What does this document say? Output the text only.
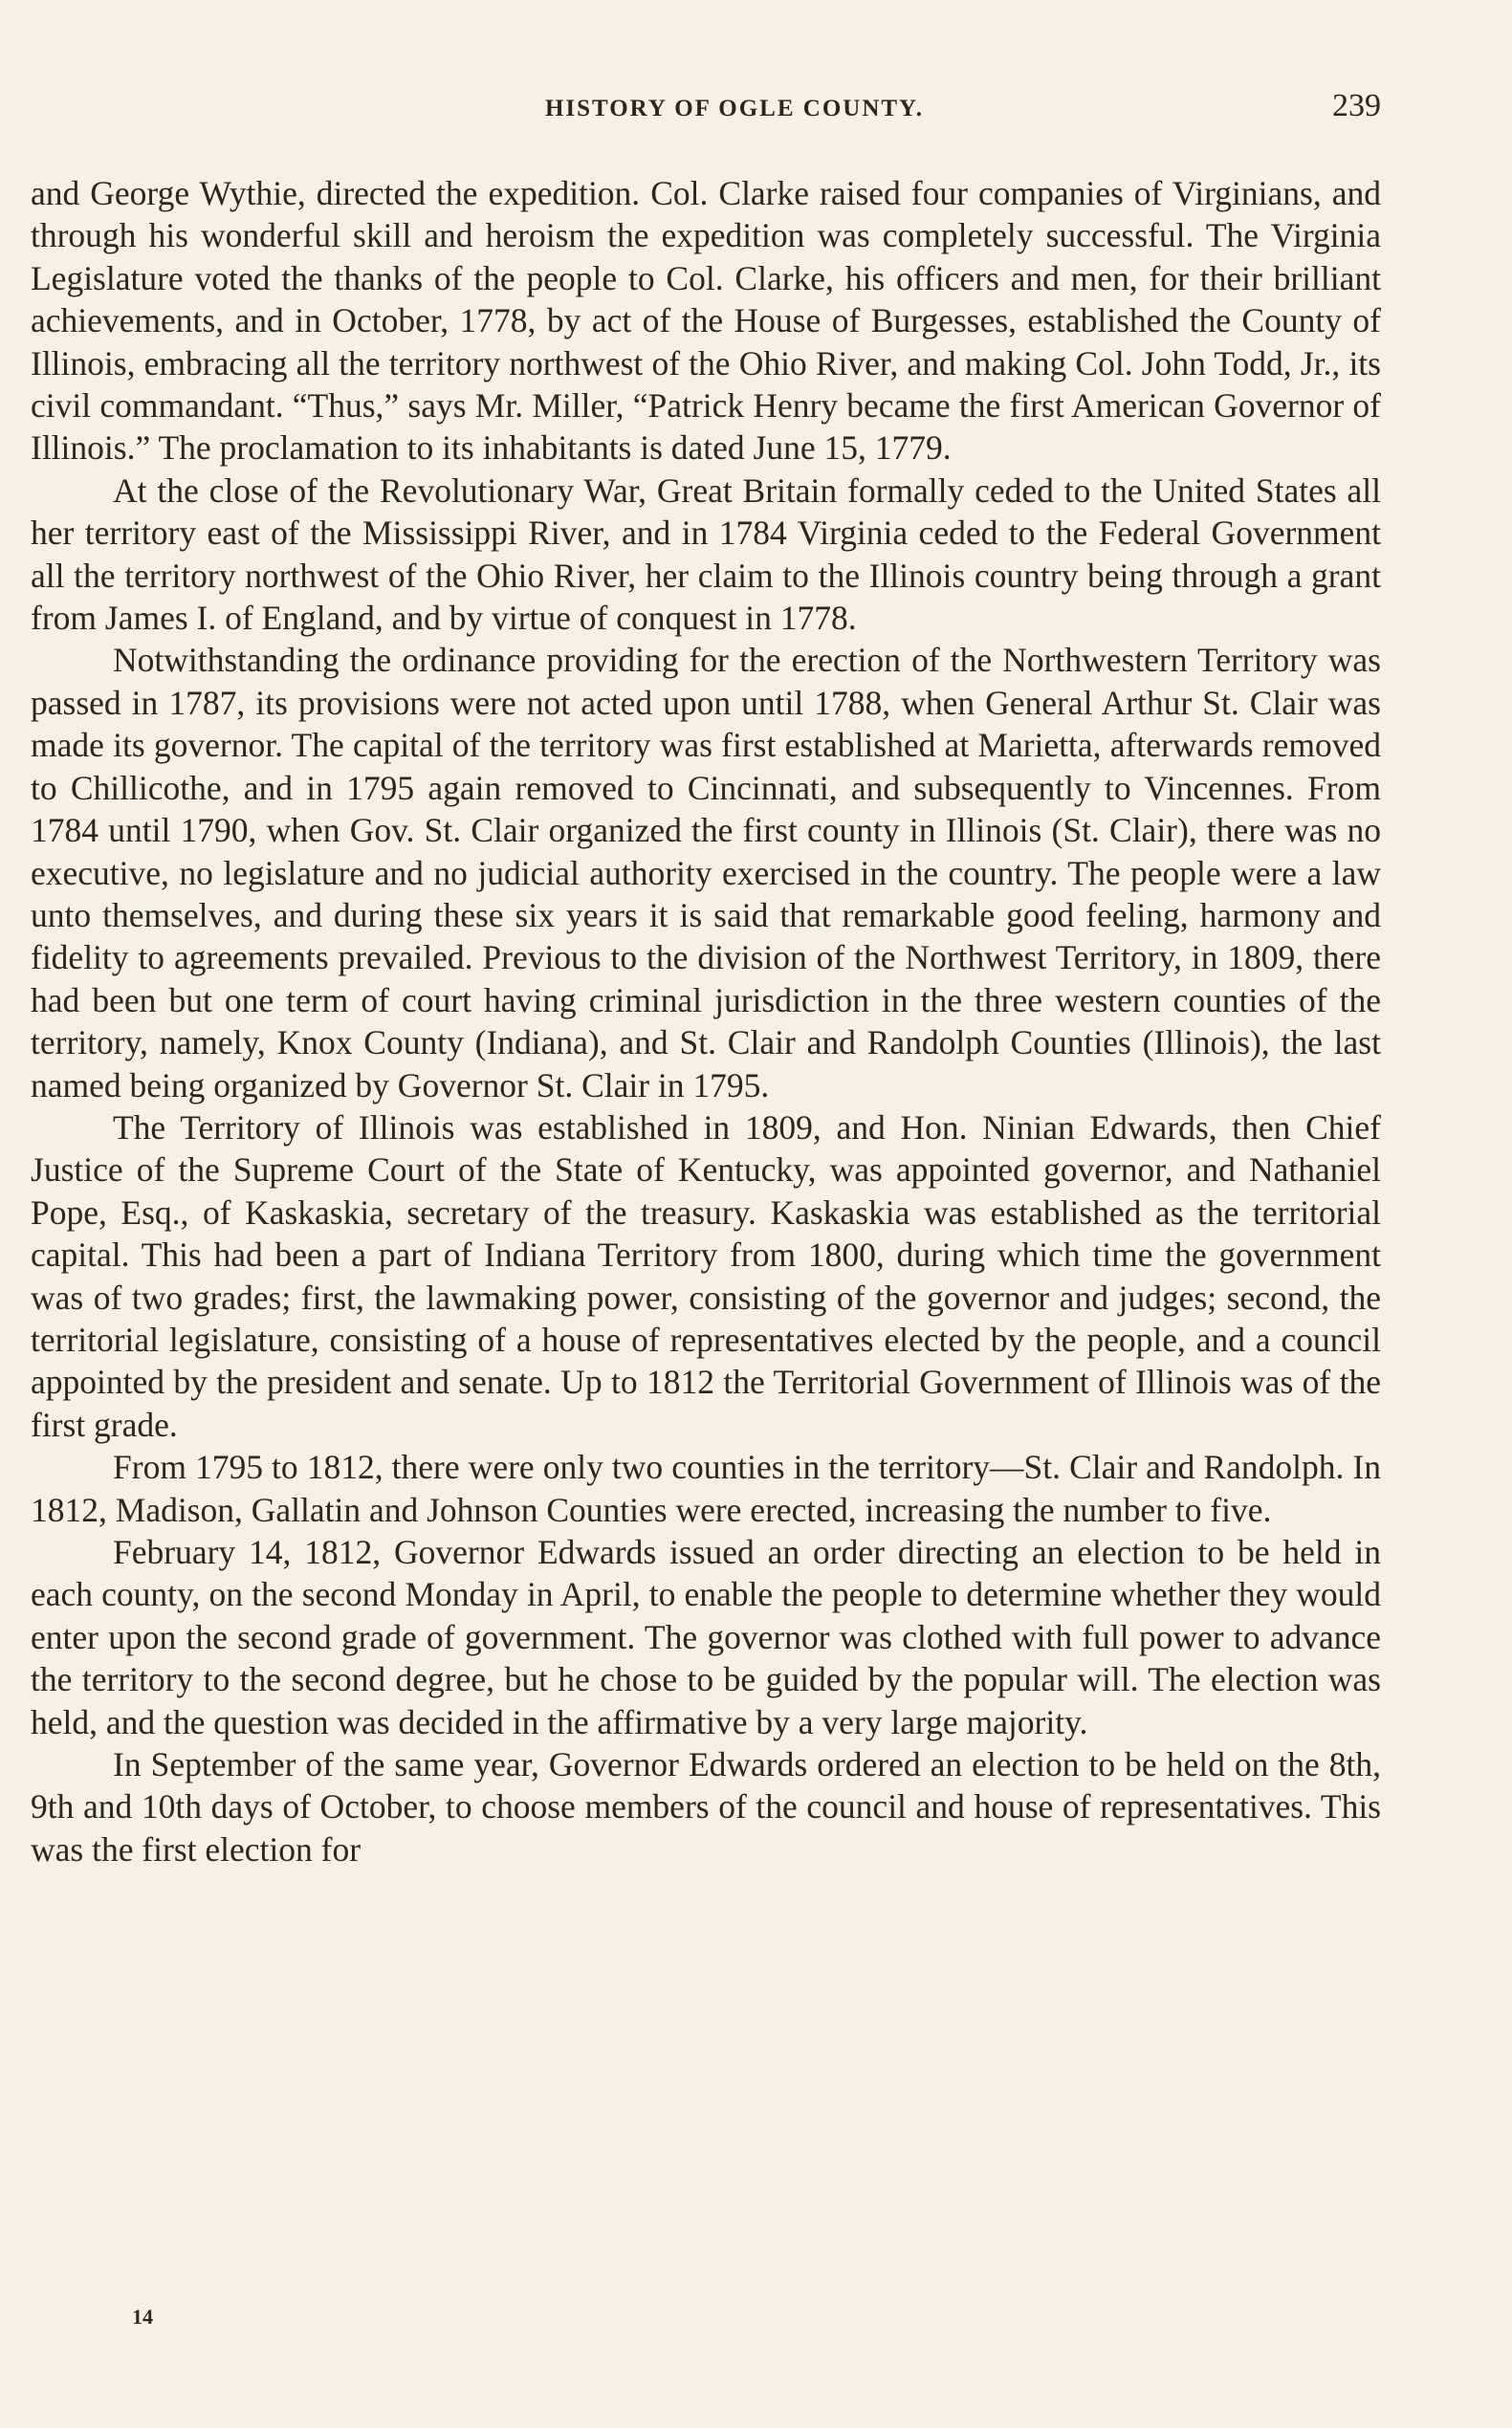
HISTORY OF OGLE COUNTY.	239

and George Wythie, directed the expedition. Col. Clarke raised four companies of Virginians, and through his wonderful skill and heroism the expedition was completely successful. The Virginia Legislature voted the thanks of the people to Col. Clarke, his officers and men, for their brilliant achievements, and in October, 1778, by act of the House of Burgesses, established the County of Illinois, embracing all the territory northwest of the Ohio River, and making Col. John Todd, Jr., its civil commandant. “Thus,” says Mr. Miller, “Patrick Henry became the first American Governor of Illinois.” The proclamation to its inhabitants is dated June 15, 1779.

At the close of the Revolutionary War, Great Britain formally ceded to the United States all her territory east of the Mississippi River, and in 1784 Virginia ceded to the Federal Government all the territory northwest of the Ohio River, her claim to the Illinois country being through a grant from James I. of England, and by virtue of conquest in 1778.

Notwithstanding the ordinance providing for the erection of the Northwestern Territory was passed in 1787, its provisions were not acted upon until 1788, when General Arthur St. Clair was made its governor. The capital of the territory was first established at Marietta, afterwards removed to Chillicothe, and in 1795 again removed to Cincinnati, and subsequently to Vincennes. From 1784 until 1790, when Gov. St. Clair organized the first county in Illinois (St. Clair), there was no executive, no legislature and no judicial authority exercised in the country. The people were a law unto themselves, and during these six years it is said that remarkable good feeling, harmony and fidelity to agreements prevailed. Previous to the division of the Northwest Territory, in 1809, there had been but one term of court having criminal jurisdiction in the three western counties of the territory, namely, Knox County (Indiana), and St. Clair and Randolph Counties (Illinois), the last named being organized by Governor St. Clair in 1795.

The Territory of Illinois was established in 1809, and Hon. Ninian Edwards, then Chief Justice of the Supreme Court of the State of Kentucky, was appointed governor, and Nathaniel Pope, Esq., of Kaskaskia, secretary of the treasury. Kaskaskia was established as the territorial capital. This had been a part of Indiana Territory from 1800, during which time the government was of two grades; first, the lawmaking power, consisting of the governor and judges; second, the territorial legislature, consisting of a house of representatives elected by the people, and a council appointed by the president and senate. Up to 1812 the Territorial Government of Illinois was of the first grade.

From 1795 to 1812, there were only two counties in the territory—St. Clair and Randolph. In 1812, Madison, Gallatin and Johnson Counties were erected, increasing the number to five.

February 14, 1812, Governor Edwards issued an order directing an election to be held in each county, on the second Monday in April, to enable the people to determine whether they would enter upon the second grade of government. The governor was clothed with full power to advance the territory to the second degree, but he chose to be guided by the popular will. The election was held, and the question was decided in the affirmative by a very large majority.

In September of the same year, Governor Edwards ordered an election to be held on the 8th, 9th and 10th days of October, to choose members of the council and house of representatives. This was the first election for

14
